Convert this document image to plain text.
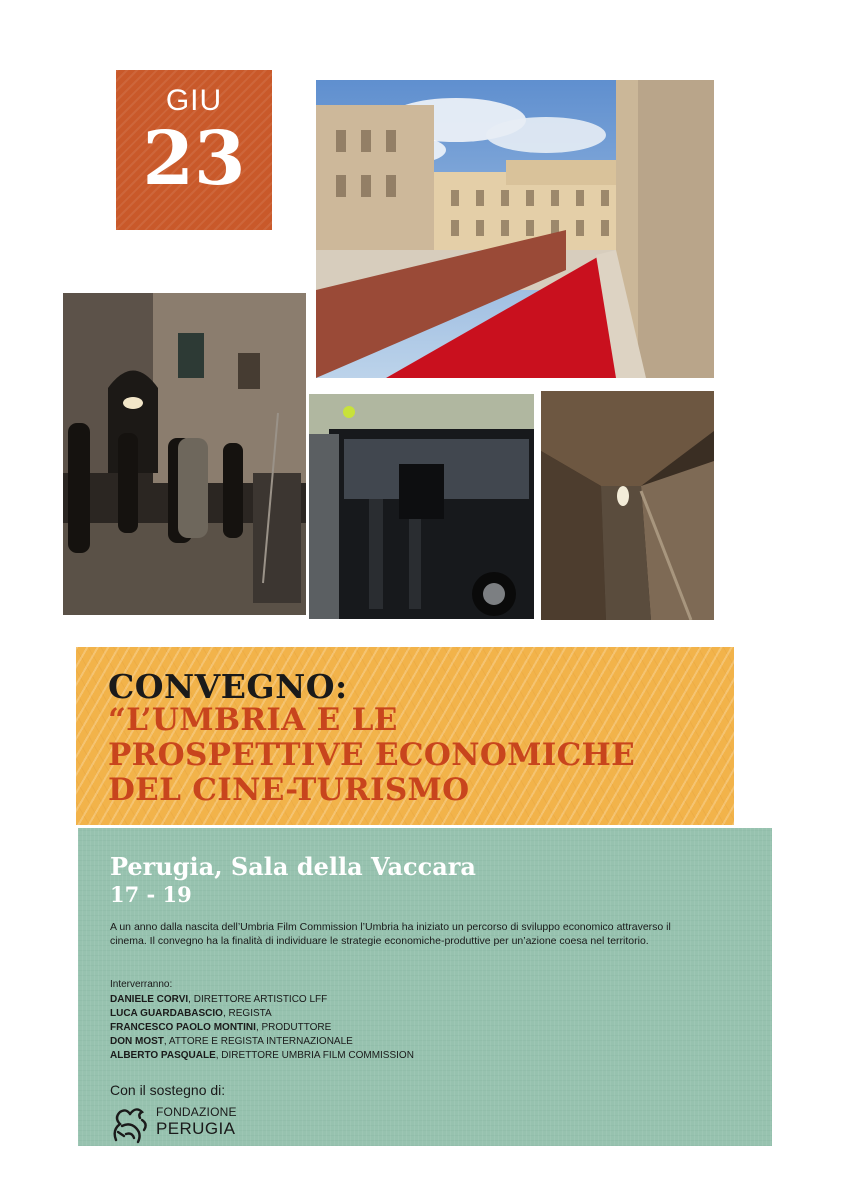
GIU
23
CONVEGNO:
“L’UMBRIA E LE
PROSPETTIVE ECONOMICHE
DEL CINE-TURISMO
Perugia, Sala della Vaccara
17 - 19
A un anno dalla nascita dell’Umbria Film Commission l’Umbria ha iniziato un percorso di sviluppo economico attraverso il cinema. Il convegno ha la finalità di individuare le strategie economiche-produttive per un’azione coesa nel territorio.
Interverranno:
DANIELE CORVI, DIRETTORE ARTISTICO LFF
LUCA GUARDABASCIO, REGISTA
FRANCESCO PAOLO MONTINI, PRODUTTORE
DON MOST, ATTORE E REGISTA INTERNAZIONALE
ALBERTO PASQUALE, DIRETTORE UMBRIA FILM COMMISSION
Con il sostegno di:
FONDAZIONE
PERUGIA
